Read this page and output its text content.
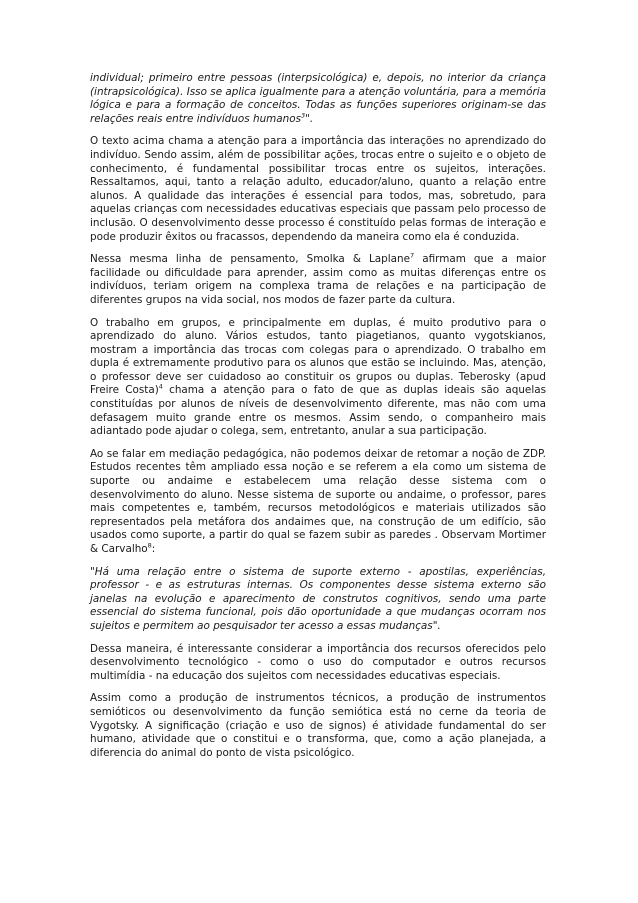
individual; primeiro entre pessoas (interpsicológica) e, depois, no interior da criança (intrapsicológica). Isso se aplica igualmente para a atenção voluntária, para a memória lógica e para a formação de conceitos. Todas as funções superiores originam-se das relações reais entre indivíduos humanos$^3$".

O texto acima chama a atenção para a importância das interações no aprendizado do indivíduo. Sendo assim, além de possibilitar ações, trocas entre o sujeito e o objeto de conhecimento, é fundamental possibilitar trocas entre os sujeitos, interações. Ressaltamos, aqui, tanto a relação adulto, educador/aluno, quanto a relação entre alunos. A qualidade das interações é essencial para todos, mas, sobretudo, para aquelas crianças com necessidades educativas especiais que passam pelo processo de inclusão. O desenvolvimento desse processo é constituído pelas formas de interação e pode produzir êxitos ou fracassos, dependendo da maneira como ela é conduzida.

Nessa mesma linha de pensamento, Smolka & Laplane$^7$ afirmam que a maior facilidade ou dificuldade para aprender, assim como as muitas diferenças entre os indivíduos, teriam origem na complexa trama de relações e na participação de diferentes grupos na vida social, nos modos de fazer parte da cultura.

O trabalho em grupos, e principalmente em duplas, é muito produtivo para o aprendizado do aluno. Vários estudos, tanto piagetianos, quanto vygotskianos, mostram a importância das trocas com colegas para o aprendizado. O trabalho em dupla é extremamente produtivo para os alunos que estão se incluindo. Mas, atenção, o professor deve ser cuidadoso ao constituir os grupos ou duplas. Teberosky (apud Freire Costa)$^4$ chama a atenção para o fato de que as duplas ideais são aquelas constituídas por alunos de níveis de desenvolvimento diferente, mas não com uma defasagem muito grande entre os mesmos. Assim sendo, o companheiro mais adiantado pode ajudar o colega, sem, entretanto, anular a sua participação.

Ao se falar em mediação pedagógica, não podemos deixar de retomar a noção de ZDP. Estudos recentes têm ampliado essa noção e se referem a ela como um sistema de suporte ou andaime e estabelecem uma relação desse sistema com o desenvolvimento do aluno. Nesse sistema de suporte ou andaime, o professor, pares mais competentes e, também, recursos metodológicos e materiais utilizados são representados pela metáfora dos andaimes que, na construção de um edifício, são usados como suporte, a partir do qual se fazem subir as paredes . Observam Mortimer & Carvalho$^8$:

"Há uma relação entre o sistema de suporte externo - apostilas, experiências, professor - e as estruturas internas. Os componentes desse sistema externo são janelas na evolução e aparecimento de construtos cognitivos, sendo uma parte essencial do sistema funcional, pois dão oportunidade a que mudanças ocorram nos sujeitos e permitem ao pesquisador ter acesso a essas mudanças".

Dessa maneira, é interessante considerar a importância dos recursos oferecidos pelo desenvolvimento tecnológico - como o uso do computador e outros recursos multimídia - na educação dos sujeitos com necessidades educativas especiais.

Assim como a produção de instrumentos técnicos, a produção de instrumentos semióticos ou desenvolvimento da função semiótica está no cerne da teoria de Vygotsky. A significação (criação e uso de signos) é atividade fundamental do ser humano, atividade que o constitui e o transforma, que, como a ação planejada, a diferencia do animal do ponto de vista psicológico.
